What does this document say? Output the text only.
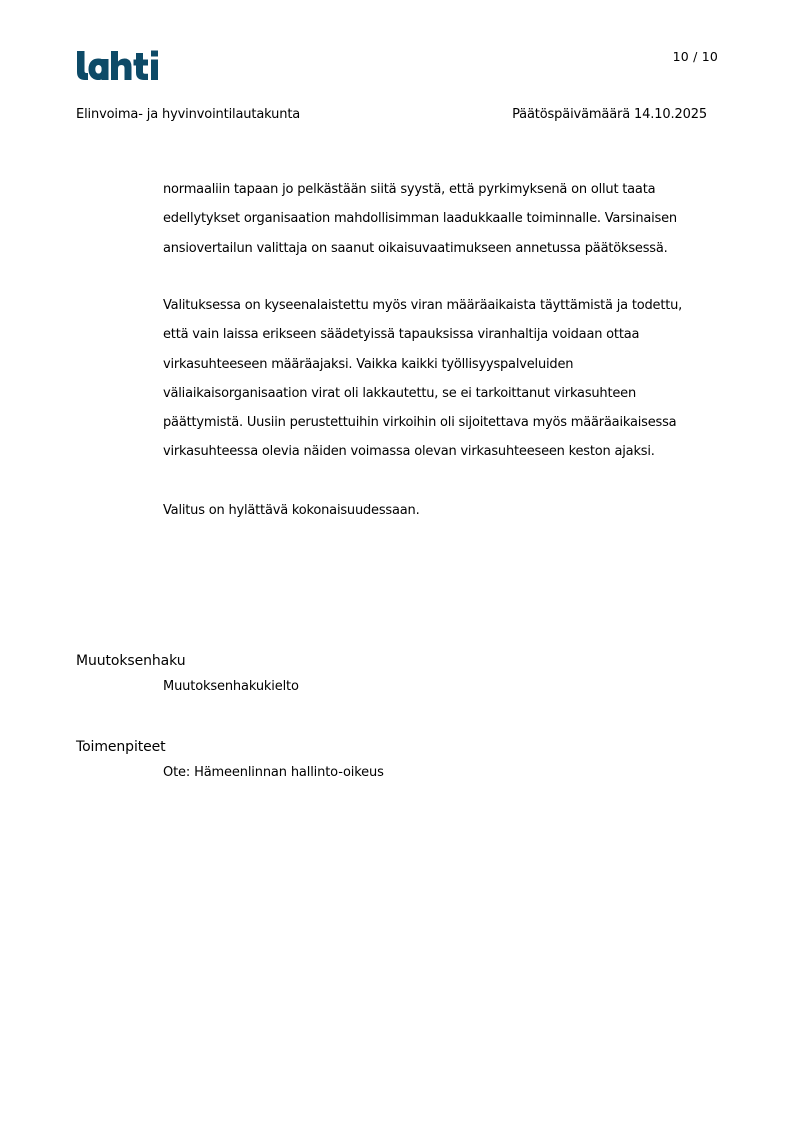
10 / 10
Elinvoima- ja hyvinvointilautakunta	Päätöspäivämäärä 14.10.2025
normaaliin tapaan jo pelkästään siitä syystä, että pyrkimyksenä on ollut taata
edellytykset organisaation mahdollisimman laadukkaalle toiminnalle. Varsinaisen
ansiovertailun valittaja on saanut oikaisuvaatimukseen annetussa päätöksessä.
Valituksessa on kyseenalaistettu myös viran määräaikaista täyttämistä ja todettu,
että vain laissa erikseen säädetyissä tapauksissa viranhaltija voidaan ottaa
virkasuhteeseen määräajaksi. Vaikka kaikki työllisyyspalveluiden
väliaikaisorganisaation virat oli lakkautettu, se ei tarkoittanut virkasuhteen
päättymistä. Uusiin perustettuihin virkoihin oli sijoitettava myös määräaikaisessa
virkasuhteessa olevia näiden voimassa olevan virkasuhteeseen keston ajaksi.
Valitus on hylättävä kokonaisuudessaan.
Muutoksenhaku
Muutoksenhakukielto
Toimenpiteet
Ote: Hämeenlinnan hallinto-oikeus
